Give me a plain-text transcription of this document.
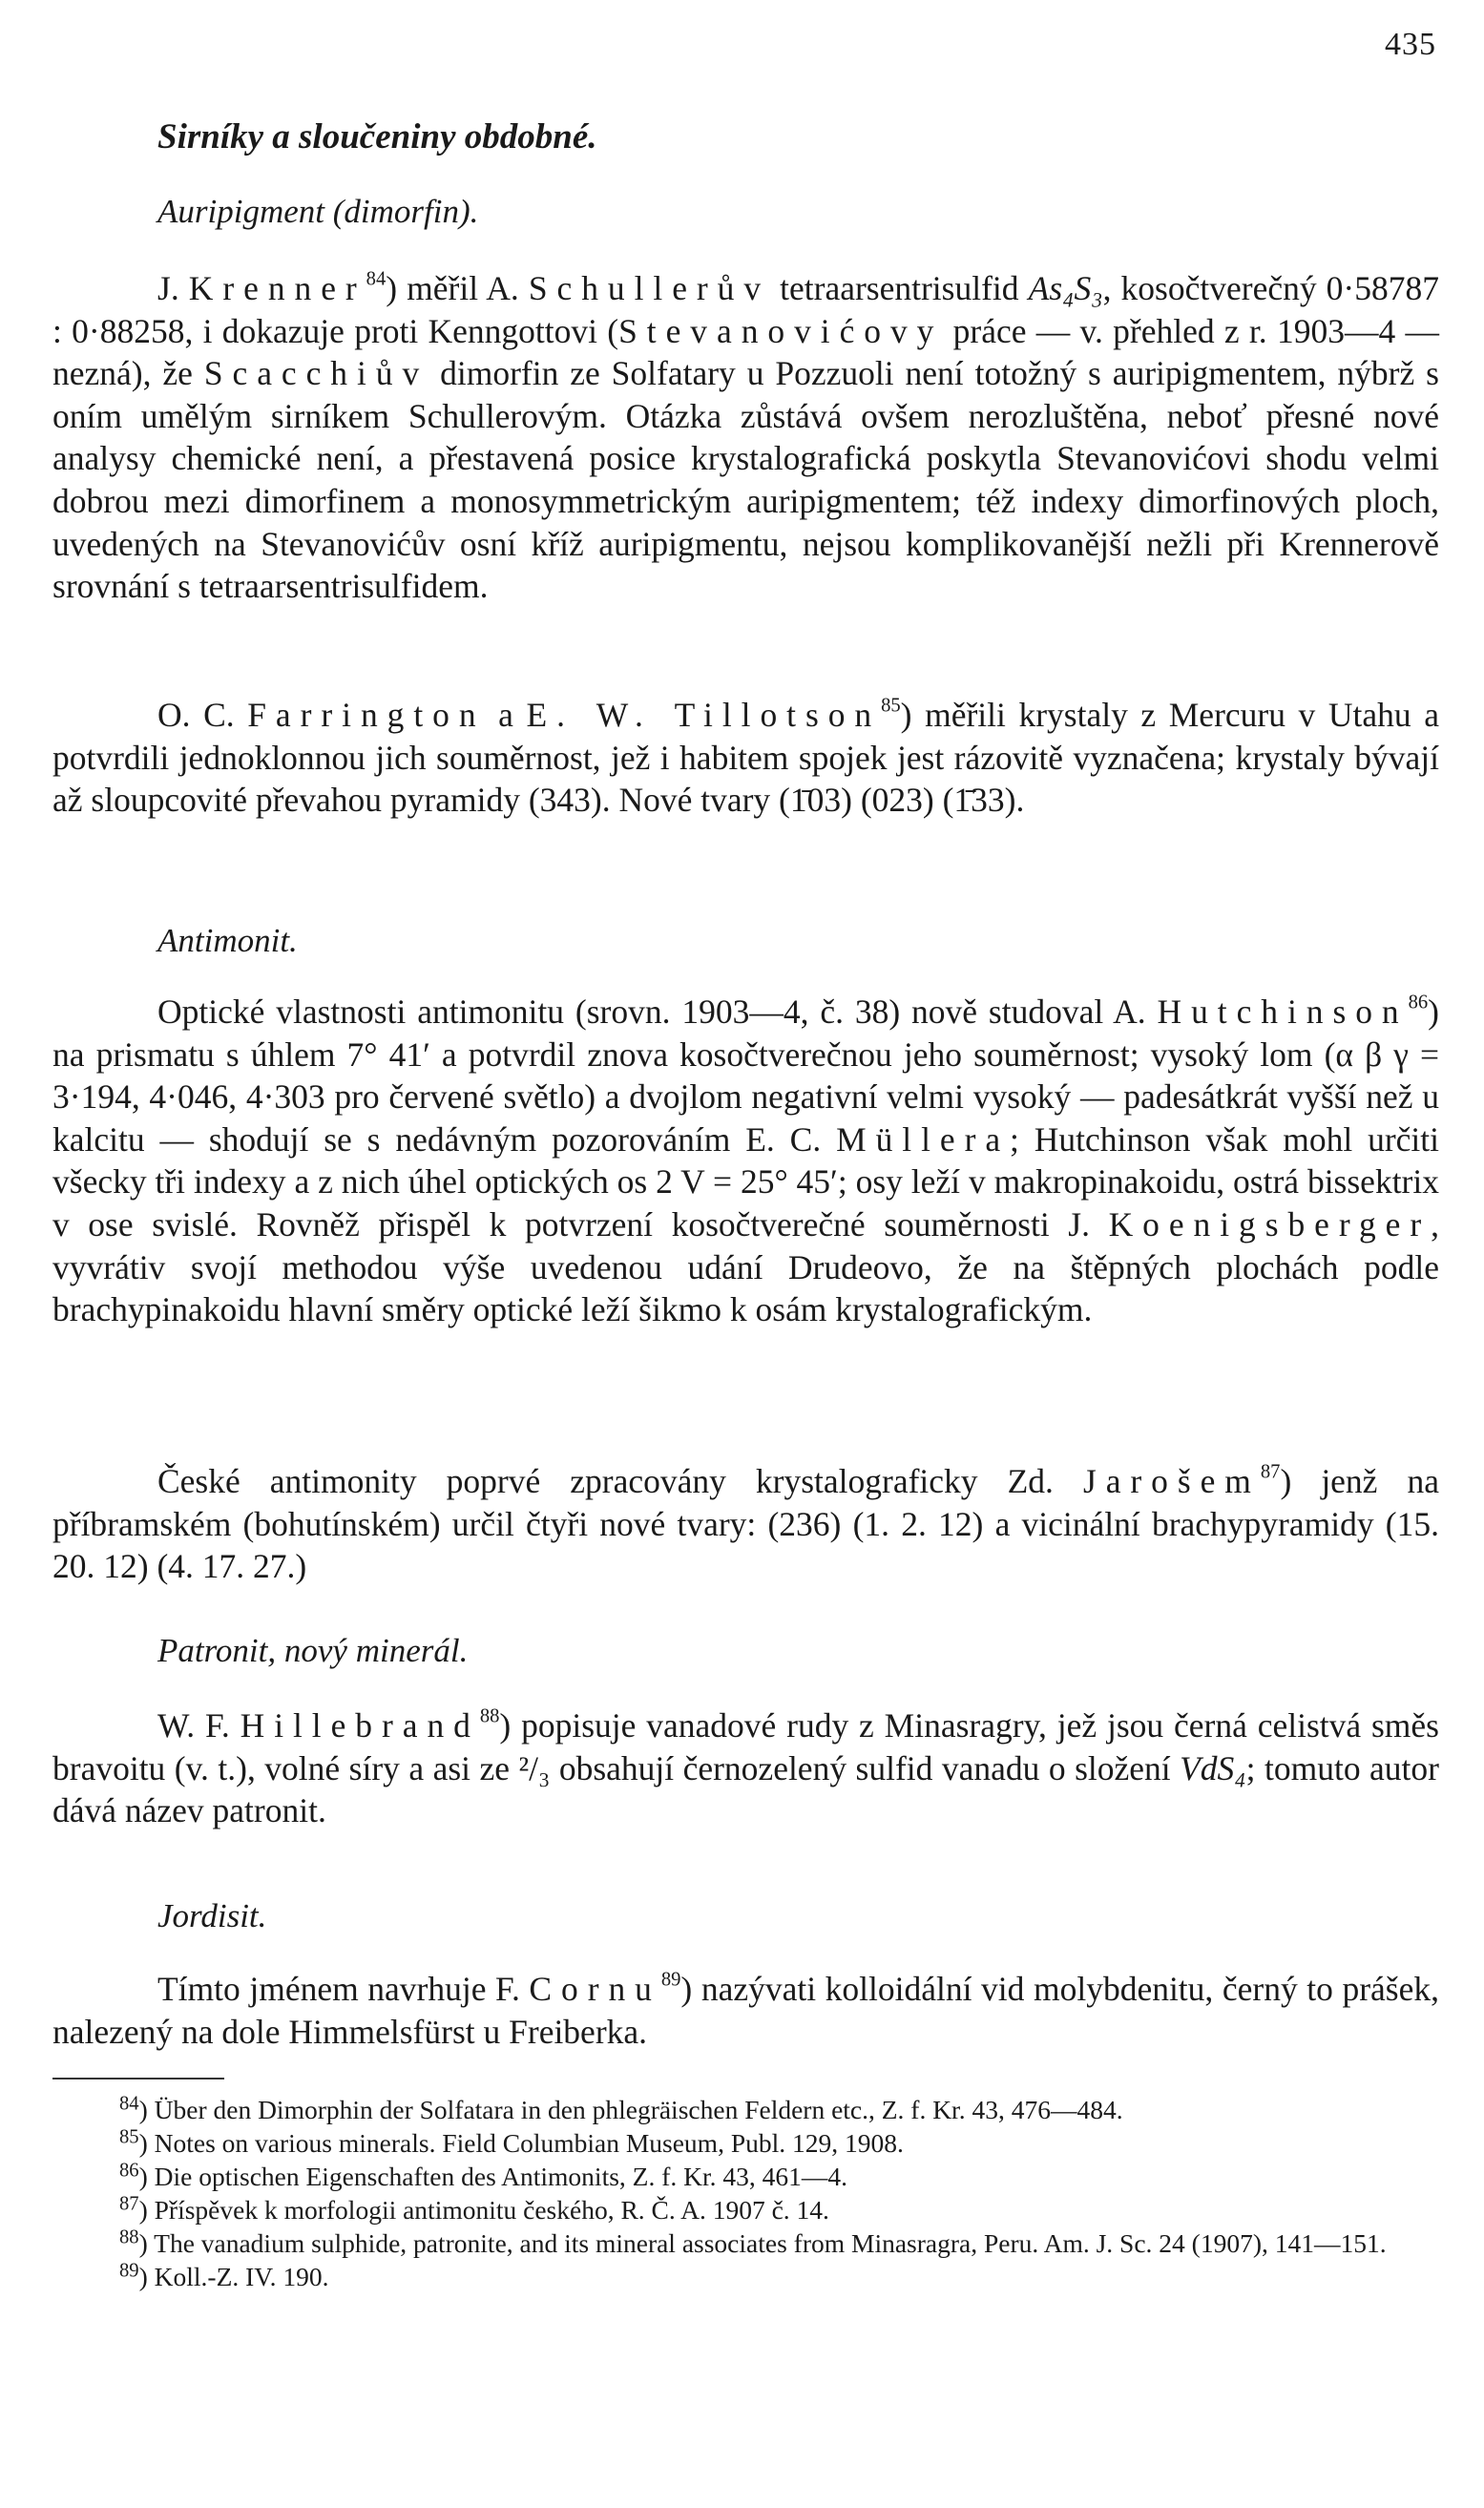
435
Sirníky a sloučeniny obdobné.
Auripigment (dimorfin).

J. Krenner$^{84}$) měřil A. Schullerův tetraarsentrisulfid As₄S₃, kosočtverečný 0·58787 : 0·88258, i dokazuje proti Kenngottovi (Stevanovićovy práce — v. přehled z r. 1903—4 — nezná), že Scacchiův dimorfin ze Solfatary u Pozzuoli není totožný s auripigmentem, nýbrž s oním umělým sirníkem Schullerovým. Otázka zůstává ovšem nerozluštěna, neboť přesné nové analysy chemické není, a přestavená posice krystalografická poskytla Stevanovićovi shodu velmi dobrou mezi dimorfinem a monosymmetrickým auripigmentem; též indexy dimorfinových ploch, uvedených na Stevanovićův osní kříž auripigmentu, nejsou komplikovanější nežli při Krennerově srovnání s tetraarsentrisulfidem.

O. C. Farrington a E. W. Tillotson$^{85}$) měřili krystaly z Mercuru v Utahu a potvrdili jednoklonnou jich souměrnost, jež i habitem spojek jest rázovitě vyznačena; krystaly bývají až sloupcovité převahou pyramidy (343). Nové tvary (1̄03) (023) (1̄33).

Antimonit.

Optické vlastnosti antimonitu (srovn. 1903—4, č. 38) nově studoval A. Hutchinson$^{86}$) na prismatu s úhlem 7° 41′ a potvrdil znova kosočtverečnou jeho souměrnost; vysoký lom (α β γ = 3·194, 4·046, 4·303 pro červené světlo) a dvojlom negativní velmi vysoký — padesátkrát vyšší než u kalcitu — shodují se s nedávným pozorováním E. C. Müllera; Hutchinson však mohl určiti všecky tři indexy a z nich úhel optických os 2 V = 25° 45′; osy leží v makropinakoidu, ostrá bissektrix v ose svislé. Rovněž přispěl k potvrzení kosočtverečné souměrnosti J. Koenigsberger, vyvrátiv svojí methodou výše uvedenou udání Drudeovo, že na štěpných plochách podle brachypinakoidu hlavní směry optické leží šikmo k osám krystalografickým.

České antimonity poprvé zpracovány krystalograficky Zd. Jarošem$^{87}$) jenž na příbramském (bohutínském) určil čtyři nové tvary: (236) (1. 2. 12) a vicinální brachypyramidy (15. 20. 12) (4. 17. 27.)

Patronit, nový minerál.

W. F. Hillebrand$^{88}$) popisuje vanadové rudy z Minasragry, jež jsou černá celistvá směs bravoitu (v. t.), volné síry a asi ze ²/₃ obsahují černozelený sulfid vanadu o složení VdS₄; tomuto autor dává název patronit.

Jordisit.

Tímto jménem navrhuje F. Cornu$^{89}$) nazývati kolloidální vid molybdenitu, černý to prášek, nalezený na dole Himmelsfürst u Freiberka.

$^{84}$) Über den Dimorphin der Solfatara in den phlegräischen Feldern etc., Z. f. Kr. 43, 476—484.

$^{85}$) Notes on various minerals. Field Columbian Museum, Publ. 129, 1908.

$^{86}$) Die optischen Eigenschaften des Antimonits, Z. f. Kr. 43, 461—4.

$^{87}$) Příspěvek k morfologii antimonitu českého, R. Č. A. 1907 č. 14.

$^{88}$) The vanadium sulphide, patronite, and its mineral associates from Minasragra, Peru. Am. J. Sc. 24 (1907), 141—151.

$^{89}$) Koll.-Z. IV. 190.
